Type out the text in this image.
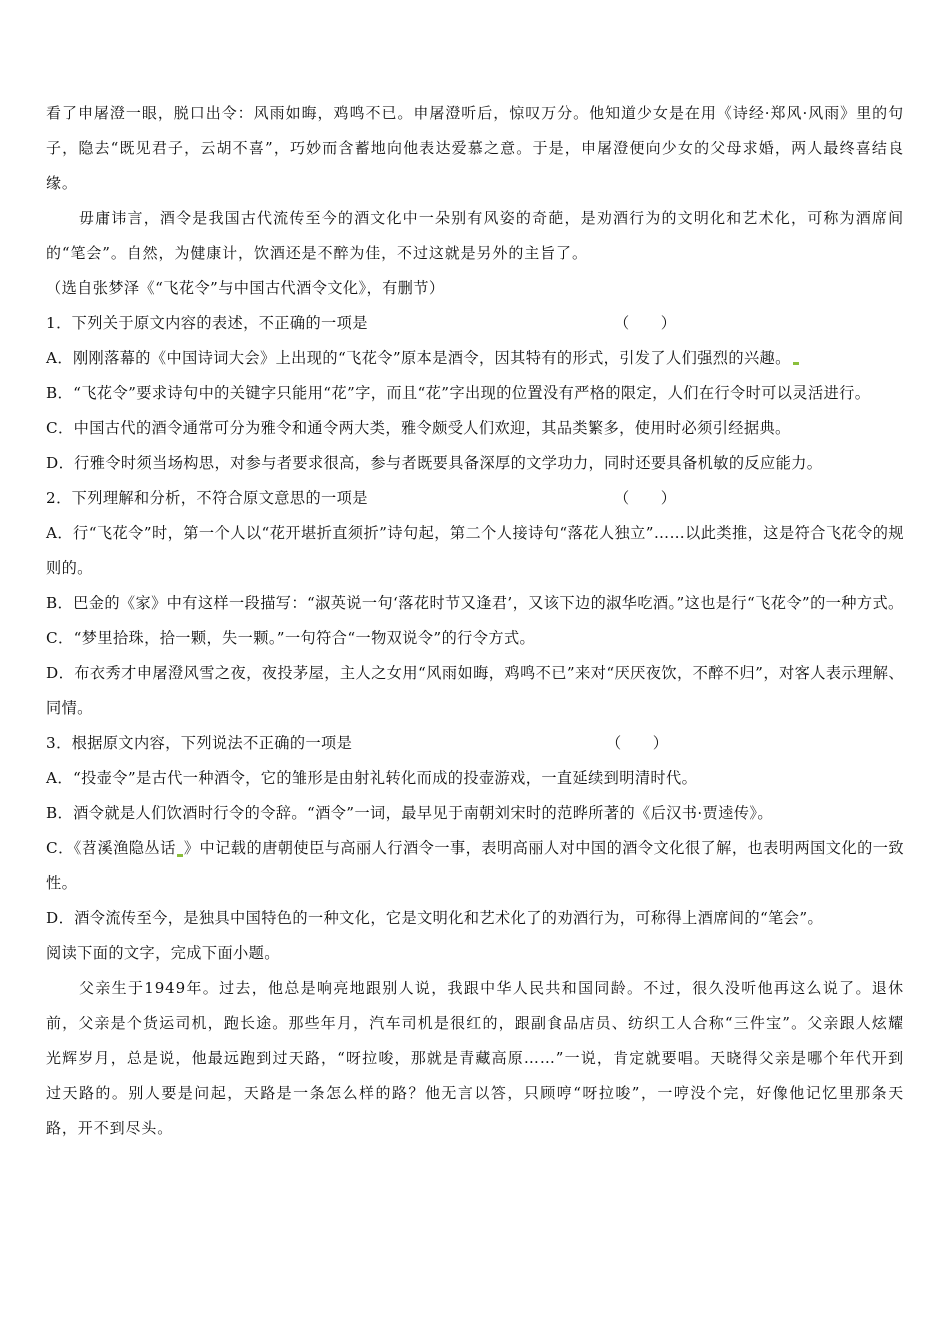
看了申屠澄一眼，脱口出令：风雨如晦，鸡鸣不已。申屠澄听后，惊叹万分。他知道少女是在用《诗经·郑风·风雨》里的句子，隐去“既见君子，云胡不喜”，巧妙而含蓄地向他表达爱慕之意。于是，申屠澄便向少女的父母求婚，两人最终喜结良缘。

毋庸讳言，酒令是我国古代流传至今的酒文化中一朵别有风姿的奇葩，是劝酒行为的文明化和艺术化，可称为酒席间的“笔会”。自然，为健康计，饮酒还是不醉为佳，不过这就是另外的主旨了。

（选自张梦泽《“飞花令”与中国古代酒令文化》，有删节）

1．下列关于原文内容的表述，不正确的一项是	（　　）

A．刚刚落幕的《中国诗词大会》上出现的“飞花令”原本是酒令，因其特有的形式，引发了人们强烈的兴趣。

B．“飞花令”要求诗句中的关键字只能用“花”字，而且“花”字出现的位置没有严格的限定，人们在行令时可以灵活进行。

C．中国古代的酒令通常可分为雅令和通令两大类，雅令颇受人们欢迎，其品类繁多，使用时必须引经据典。

D．行雅令时须当场构思，对参与者要求很高，参与者既要具备深厚的文学功力，同时还要具备机敏的反应能力。

2．下列理解和分析，不符合原文意思的一项是	（　　）

A．行“飞花令”时，第一个人以“花开堪折直须折”诗句起，第二个人接诗句“落花人独立”……以此类推，这是符合飞花令的规则的。

B．巴金的《家》中有这样一段描写：“淑英说一句‘落花时节又逢君’，又该下边的淑华吃酒。”这也是行“飞花令”的一种方式。

C．“梦里拾珠，拾一颗，失一颗。”一句符合“一物双说令”的行令方式。

D．布衣秀才申屠澄风雪之夜，夜投茅屋，主人之女用“风雨如晦，鸡鸣不已”来对“厌厌夜饮，不醉不归”，对客人表示理解、同情。

3．根据原文内容，下列说法不正确的一项是	（　　）

A．“投壶令”是古代一种酒令，它的雏形是由射礼转化而成的投壶游戏，一直延续到明清时代。

B．酒令就是人们饮酒时行令的令辞。“酒令”一词，最早见于南朝刘宋时的范晔所著的《后汉书·贾逵传》。

C．《苕溪渔隐丛话 》中记载的唐朝使臣与高丽人行酒令一事，表明高丽人对中国的酒令文化很了解，也表明两国文化的一致性。

D．酒令流传至今，是独具中国特色的一种文化，它是文明化和艺术化了的劝酒行为，可称得上酒席间的“笔会”。

阅读下面的文字，完成下面小题。

父亲生于1949年。过去，他总是响亮地跟别人说，我跟中华人民共和国同龄。不过，很久没听他再这么说了。退休前，父亲是个货运司机，跑长途。那些年月，汽车司机是很红的，跟副食品店员、纺织工人合称“三件宝”。父亲跟人炫耀光辉岁月，总是说，他最远跑到过天路，“呀拉唆，那就是青藏高原……”一说，肯定就要唱。天晓得父亲是哪个年代开到过天路的。别人要是问起，天路是一条怎么样的路？他无言以答，只顾哼“呀拉唆”，一哼没个完，好像他记忆里那条天路，开不到尽头。
